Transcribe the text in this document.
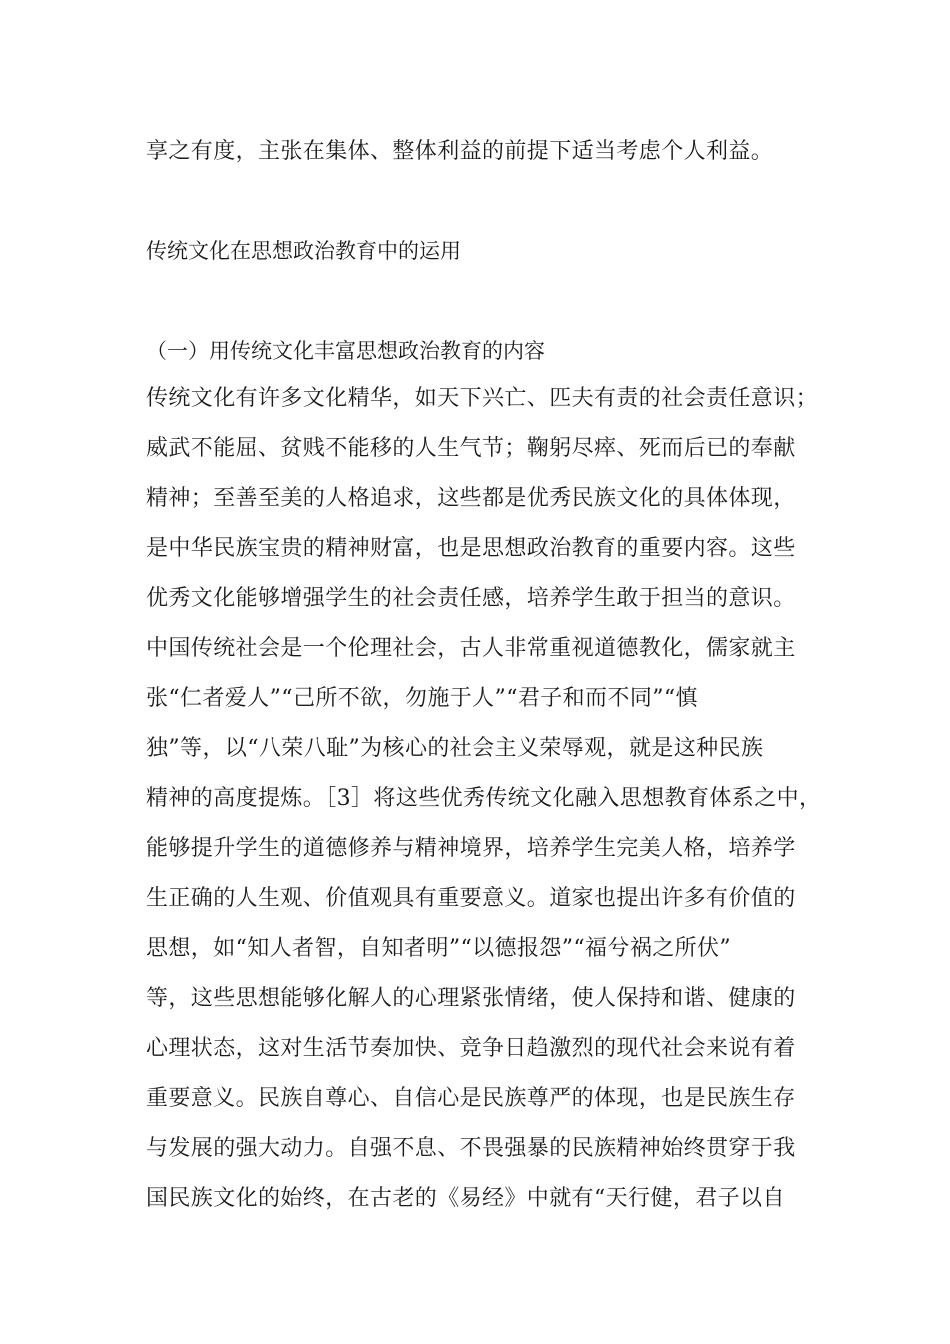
享之有度，主张在集体、整体利益的前提下适当考虑个人利益。
传统文化在思想政治教育中的运用
（一）用传统文化丰富思想政治教育的内容
传统文化有许多文化精华，如天下兴亡、匹夫有责的社会责任意识；
威武不能屈、贫贱不能移的人生气节；鞠躬尽瘁、死而后已的奉献
精神；至善至美的人格追求，这些都是优秀民族文化的具体体现，
是中华民族宝贵的精神财富，也是思想政治教育的重要内容。这些
优秀文化能够增强学生的社会责任感，培养学生敢于担当的意识。
中国传统社会是一个伦理社会，古人非常重视道德教化，儒家就主
张“仁者爱人”“己所不欲，勿施于人”“君子和而不同”“慎
独”等，以“八荣八耻”为核心的社会主义荣辱观，就是这种民族
精神的高度提炼。［3］将这些优秀传统文化融入思想教育体系之中，
能够提升学生的道德修养与精神境界，培养学生完美人格，培养学
生正确的人生观、价值观具有重要意义。道家也提出许多有价值的
思想，如“知人者智，自知者明”“以德报怨”“福兮祸之所伏”
等，这些思想能够化解人的心理紧张情绪，使人保持和谐、健康的
心理状态，这对生活节奏加快、竞争日趋激烈的现代社会来说有着
重要意义。民族自尊心、自信心是民族尊严的体现，也是民族生存
与发展的强大动力。自强不息、不畏强暴的民族精神始终贯穿于我
国民族文化的始终，在古老的《易经》中就有“天行健，君子以自
